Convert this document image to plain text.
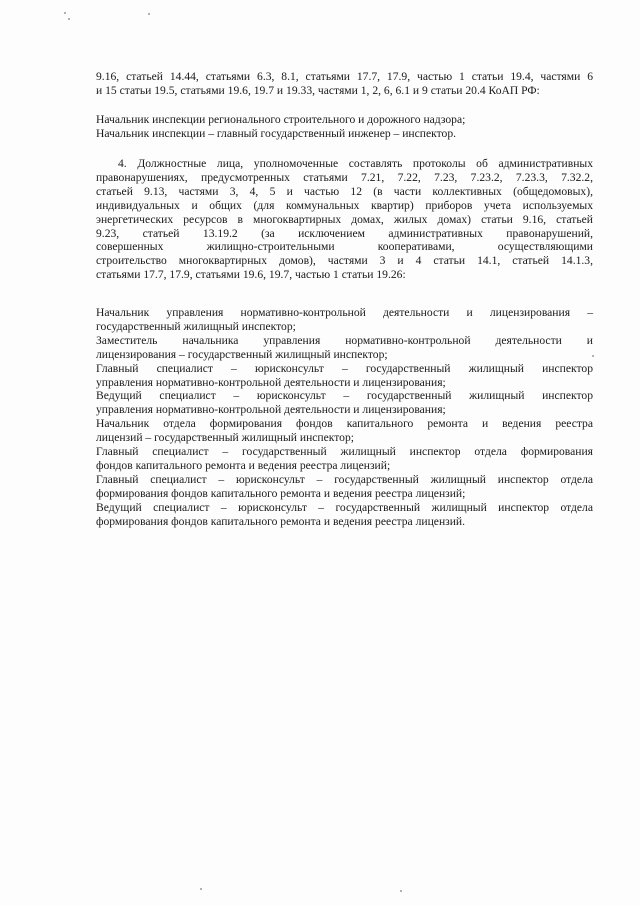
9.16, статьей 14.44, статьями 6.3, 8.1, статьями 17.7, 17.9, частью 1 статьи 19.4, частями 6
и 15 статьи 19.5, статьями 19.6, 19.7 и 19.33, частями 1, 2, 6, 6.1 и 9 статьи 20.4 КоАП РФ:
Начальник инспекции регионального строительного и дорожного надзора;
Начальник инспекции – главный государственный инженер – инспектор.
4. Должностные лица, уполномоченные составлять протоколы об административных
правонарушениях, предусмотренных статьями 7.21, 7.22, 7.23, 7.23.2, 7.23.3, 7.32.2,
статьей 9.13, частями 3, 4, 5 и частью 12 (в части коллективных (общедомовых),
индивидуальных и общих (для коммунальных квартир) приборов учета используемых
энергетических ресурсов в многоквартирных домах, жилых домах) статьи 9.16, статьей
9.23, статьей 13.19.2 (за исключением административных правонарушений,
совершенных жилищно-строительными кооперативами, осуществляющими
строительство многоквартирных домов), частями 3 и 4 статьи 14.1, статьей 14.1.3,
статьями 17.7, 17.9, статьями 19.6, 19.7, частью 1 статьи 19.26:
Начальник управления нормативно-контрольной деятельности и лицензирования –
государственный жилищный инспектор;
Заместитель начальника управления нормативно-контрольной деятельности и
лицензирования – государственный жилищный инспектор;
Главный специалист – юрисконсульт – государственный жилищный инспектор
управления нормативно-контрольной деятельности и лицензирования;
Ведущий специалист – юрисконсульт – государственный жилищный инспектор
управления нормативно-контрольной деятельности и лицензирования;
Начальник отдела формирования фондов капитального ремонта и ведения реестра
лицензий – государственный жилищный инспектор;
Главный специалист – государственный жилищный инспектор отдела формирования
фондов капитального ремонта и ведения реестра лицензий;
Главный специалист – юрисконсульт – государственный жилищный инспектор отдела
формирования фондов капитального ремонта и ведения реестра лицензий;
Ведущий специалист – юрисконсульт – государственный жилищный инспектор отдела
формирования фондов капитального ремонта и ведения реестра лицензий.
